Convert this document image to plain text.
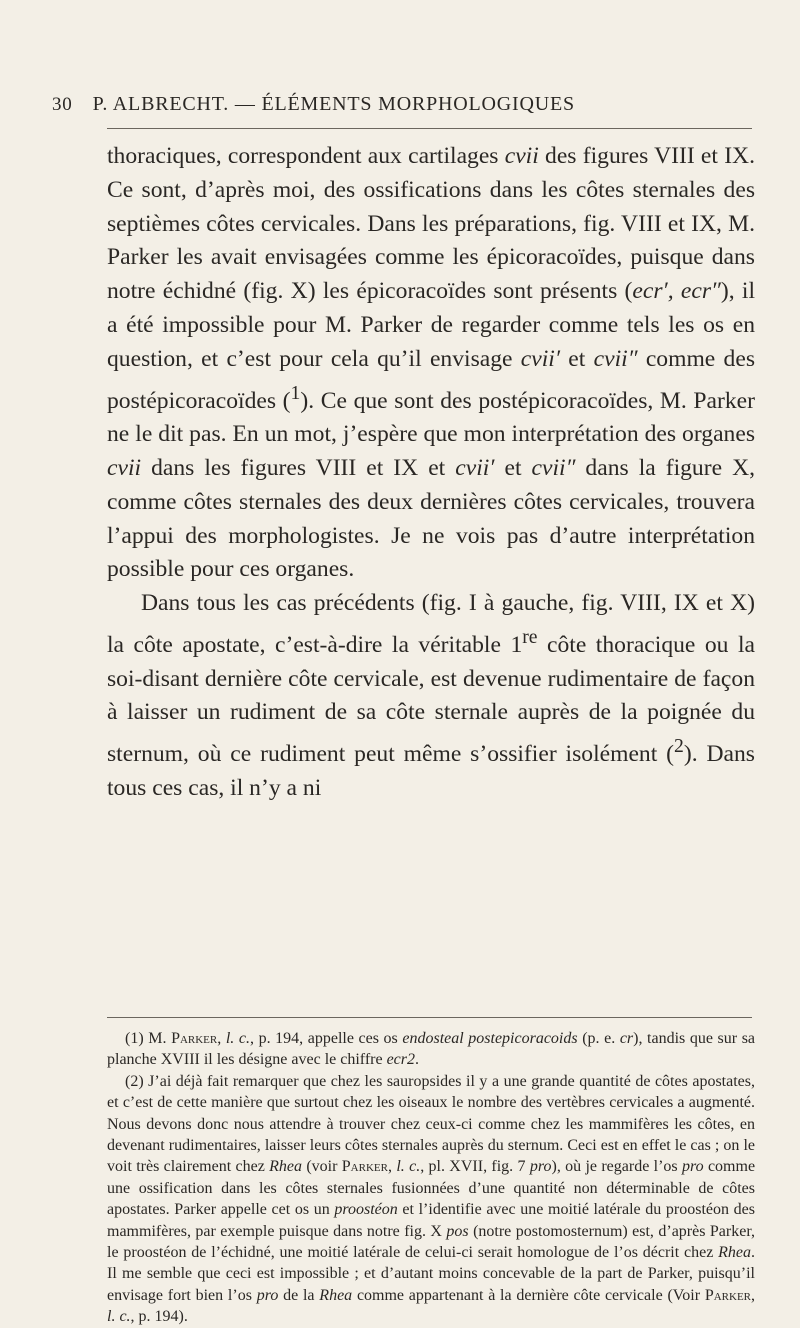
30 P. ALBRECHT. — ÉLÉMENTS MORPHOLOGIQUES

thoraciques, correspondent aux cartilages cvii des figures VIII et IX. Ce sont, d’après moi, des ossifications dans les côtes sternales des septièmes côtes cervicales. Dans les préparations, fig. VIII et IX, M. Parker les avait envisagées comme les épicoracoïdes, puisque dans notre échidné (fig. X) les épicoracoïdes sont présents (ecr′, ecr″), il a été impossible pour M. Parker de regarder comme tels les os en question, et c’est pour cela qu’il envisage cvii′ et cvii″ comme des postépicoracoïdes ($^1$). Ce que sont des postépicoracoïdes, M. Parker ne le dit pas. En un mot, j’espère que mon interprétation des organes cvii dans les figures VIII et IX et cvii′ et cvii″ dans la figure X, comme côtes sternales des deux dernières côtes cervicales, trouvera l’appui des morphologistes. Je ne vois pas d’autre interprétation possible pour ces organes.

Dans tous les cas précédents (fig. I à gauche, fig. VIII, IX et X) la côte apostate, c’est-à-dire la véritable 1re côte thoracique ou la soi-disant dernière côte cervicale, est devenue rudimentaire de façon à laisser un rudiment de sa côte sternale auprès de la poignée du sternum, où ce rudiment peut même s’ossifier isolément ($^2$). Dans tous ces cas, il n’y a ni

(1) M. Parker, l. c., p. 194, appelle ces os endosteal postepicoracoids (p. e. cr), tandis que sur sa planche XVIII il les désigne avec le chiffre ecr2.

(2) J’ai déjà fait remarquer que chez les sauropsides il y a une grande quantité de côtes apostates, et c’est de cette manière que surtout chez les oiseaux le nombre des vertèbres cervicales a augmenté. Nous devons donc nous attendre à trouver chez ceux-ci comme chez les mammifères les côtes, en devenant rudimentaires, laisser leurs côtes sternales auprès du sternum. Ceci est en effet le cas ; on le voit très clairement chez Rhea (voir Parker, l. c., pl. XVII, fig. 7 pro), où je regarde l’os pro comme une ossification dans les côtes sternales fusionnées d’une quantité non déterminable de côtes apostates. Parker appelle cet os un proostéon et l’identifie avec une moitié latérale du proostéon des mammifères, par exemple puisque dans notre fig. X pos (notre postomosternum) est, d’après Parker, le proostéon de l’échidné, une moitié latérale de celui-ci serait homologue de l’os décrit chez Rhea. Il me semble que ceci est impossible ; et d’autant moins concevable de la part de Parker, puisqu’il envisage fort bien l’os pro de la Rhea comme appartenant à la dernière côte cervicale (Voir Parker, l. c., p. 194).
